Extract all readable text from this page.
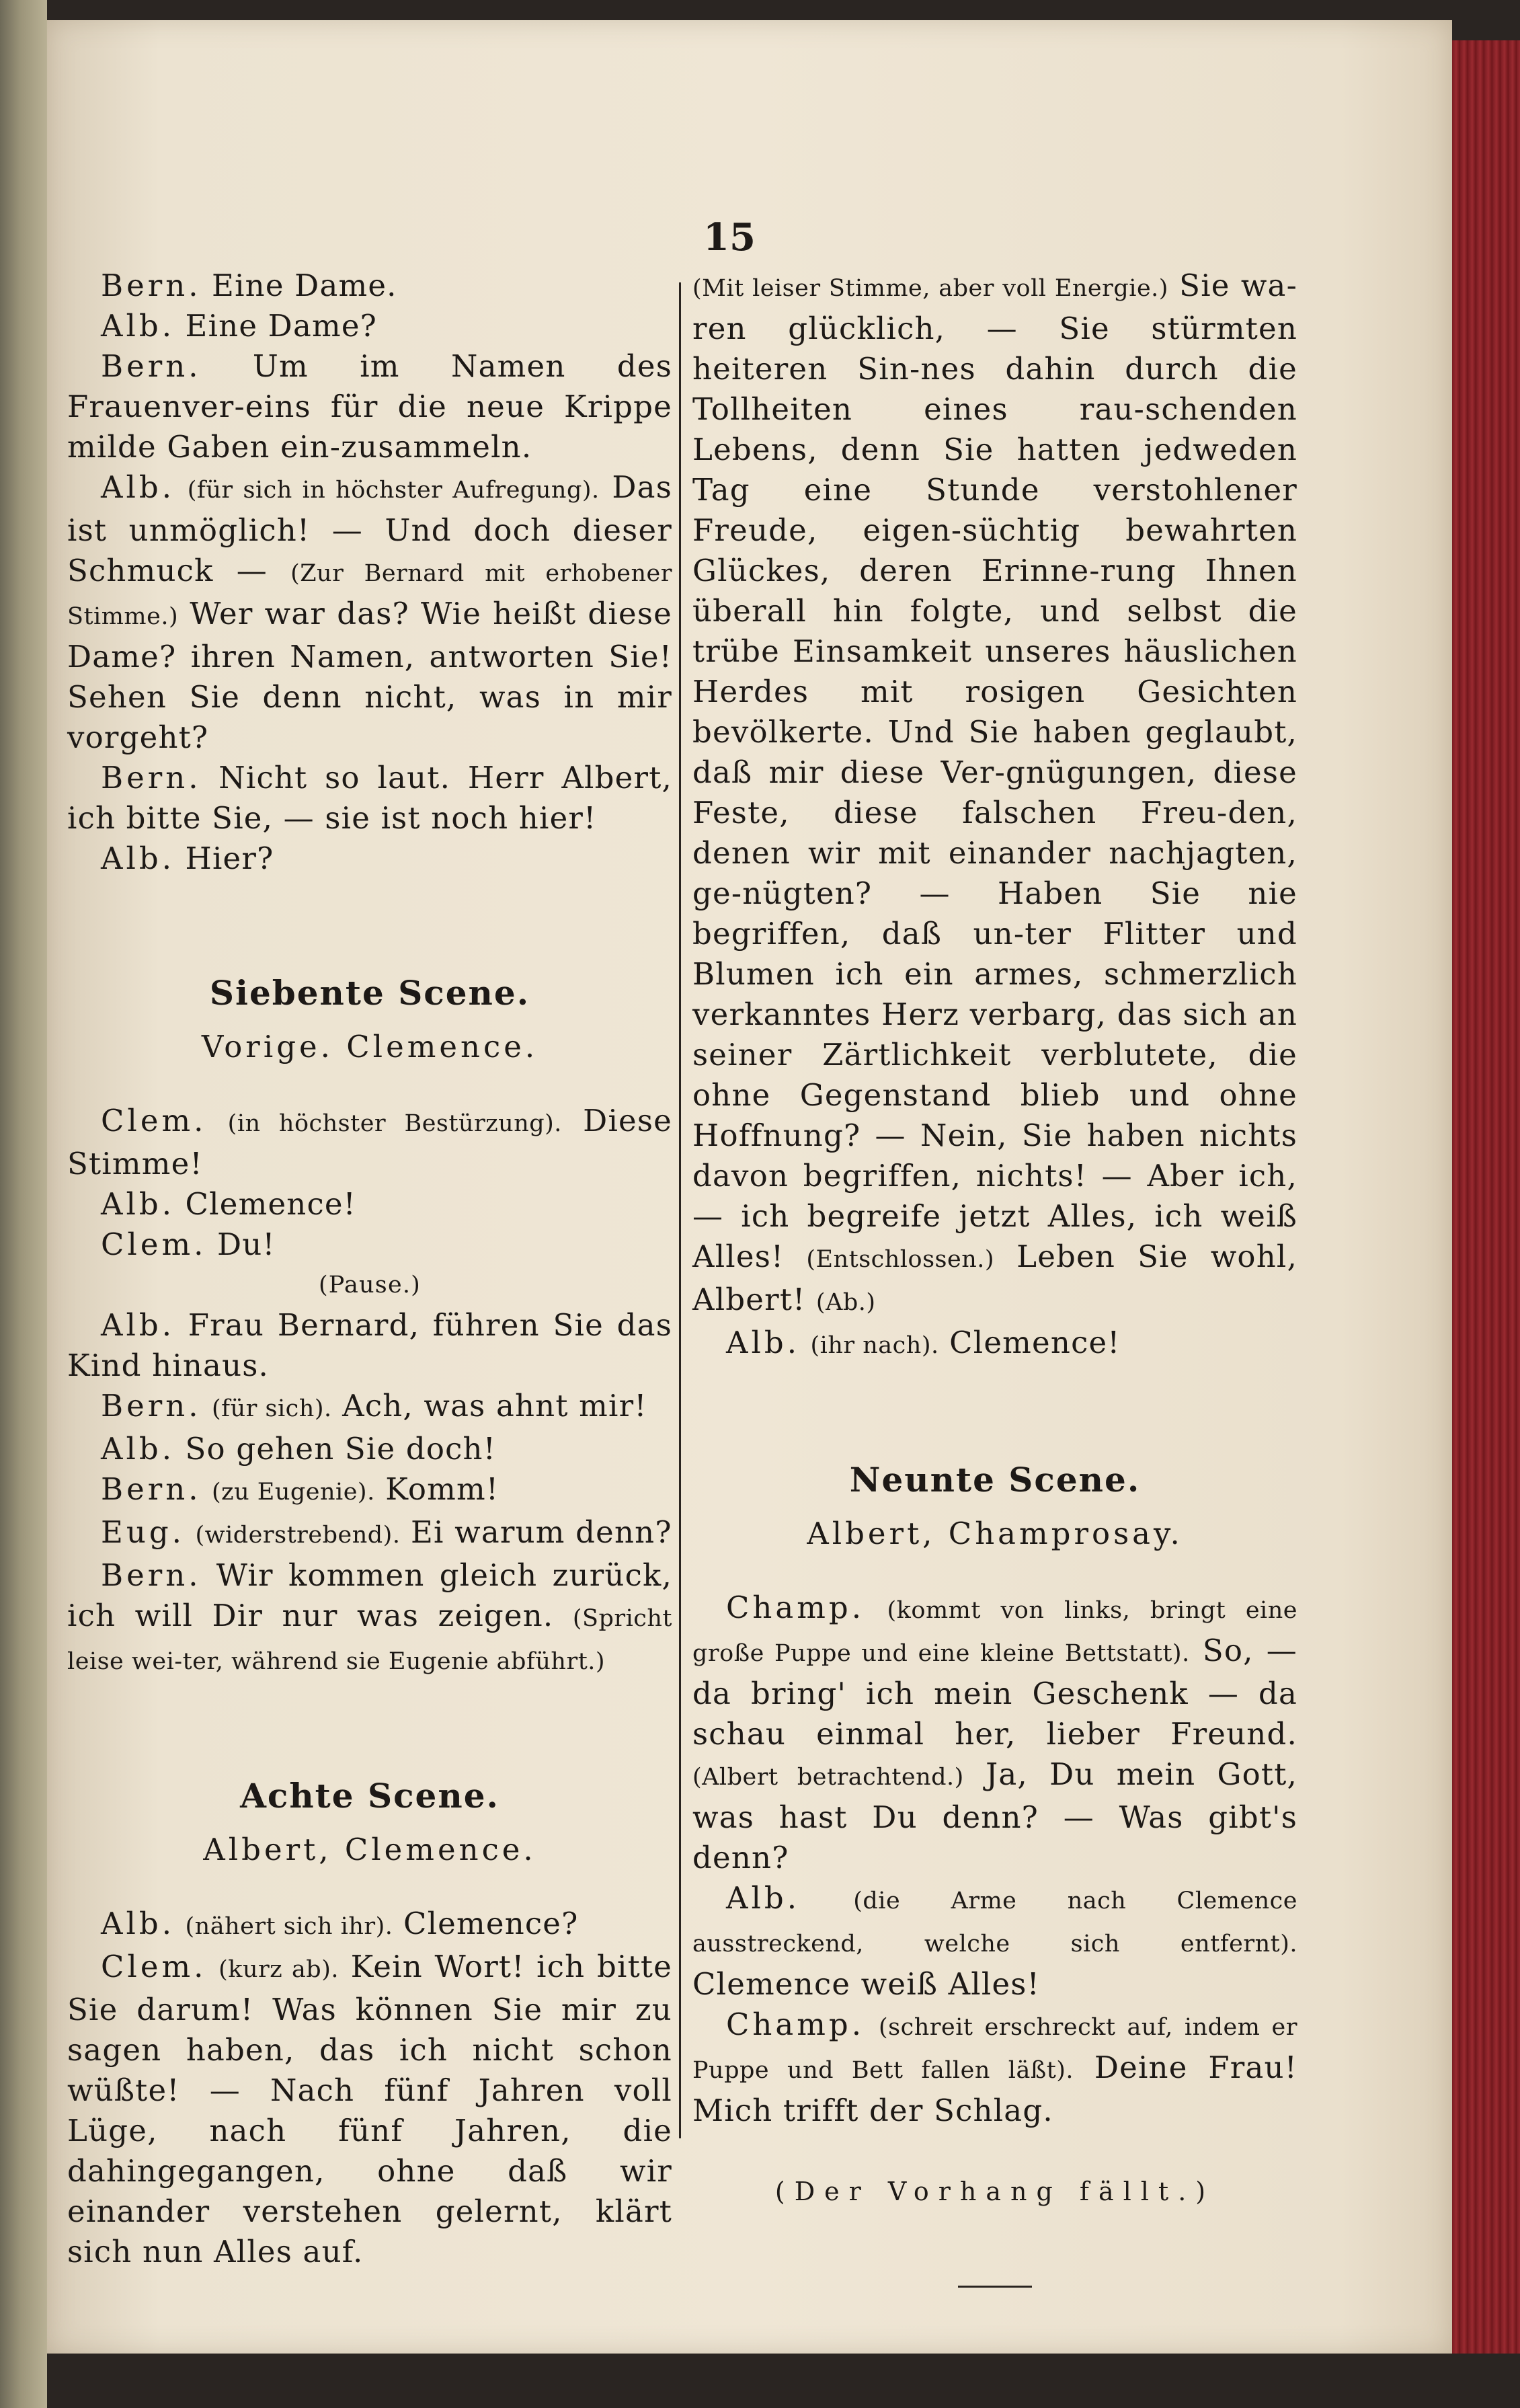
15

Bern. Eine Dame.

Alb. Eine Dame?

Bern. Um im Namen des Frauenver-eins für die neue Krippe milde Gaben ein-zusammeln.

Alb. (für sich in höchster Aufregung). Das ist unmöglich! — Und doch dieser Schmuck — (Zur Bernard mit erhobener Stimme.) Wer war das? Wie heißt diese Dame? ihren Namen, antworten Sie! Sehen Sie denn nicht, was in mir vorgeht?

Bern. Nicht so laut. Herr Albert, ich bitte Sie, — sie ist noch hier!

Alb. Hier?

Siebente Scene.
Vorige. Clemence.

Clem. (in höchster Bestürzung). Diese Stimme!

Alb. Clemence!

Clem. Du!

(Pause.)

Alb. Frau Bernard, führen Sie das Kind hinaus.

Bern. (für sich). Ach, was ahnt mir!

Alb. So gehen Sie doch!

Bern. (zu Eugenie). Komm!

Eug. (widerstrebend). Ei warum denn?

Bern. Wir kommen gleich zurück, ich will Dir nur was zeigen. (Spricht leise wei-ter, während sie Eugenie abführt.)

Achte Scene.
Albert, Clemence.

Alb. (nähert sich ihr). Clemence?

Clem. (kurz ab). Kein Wort! ich bitte Sie darum! Was können Sie mir zu sagen haben, das ich nicht schon wüßte! — Nach fünf Jahren voll Lüge, nach fünf Jahren, die dahingegangen, ohne daß wir einander verstehen gelernt, klärt sich nun Alles auf.

(Mit leiser Stimme, aber voll Energie.) Sie wa-ren glücklich, — Sie stürmten heiteren Sin-nes dahin durch die Tollheiten eines rau-schenden Lebens, denn Sie hatten jedweden Tag eine Stunde verstohlener Freude, eigen-süchtig bewahrten Glückes, deren Erinne-rung Ihnen überall hin folgte, und selbst die trübe Einsamkeit unseres häuslichen Herdes mit rosigen Gesichten bevölkerte. Und Sie haben geglaubt, daß mir diese Ver-gnügungen, diese Feste, diese falschen Freu-den, denen wir mit einander nachjagten, ge-nügten? — Haben Sie nie begriffen, daß un-ter Flitter und Blumen ich ein armes, schmerzlich verkanntes Herz verbarg, das sich an seiner Zärtlichkeit verblutete, die ohne Gegenstand blieb und ohne Hoffnung? — Nein, Sie haben nichts davon begriffen, nichts! — Aber ich, — ich begreife jetzt Alles, ich weiß Alles! (Entschlossen.) Leben Sie wohl, Albert! (Ab.)

Alb. (ihr nach). Clemence!

Neunte Scene.
Albert, Champrosay.

Champ. (kommt von links, bringt eine große Puppe und eine kleine Bettstatt). So, — da bring' ich mein Geschenk — da schau einmal her, lieber Freund. (Albert betrachtend.) Ja, Du mein Gott, was hast Du denn? — Was gibt's denn?

Alb. (die Arme nach Clemence ausstreckend, welche sich entfernt). Clemence weiß Alles!

Champ. (schreit erschreckt auf, indem er Puppe und Bett fallen läßt). Deine Frau! Mich trifft der Schlag.

(Der Vorhang fällt.)
